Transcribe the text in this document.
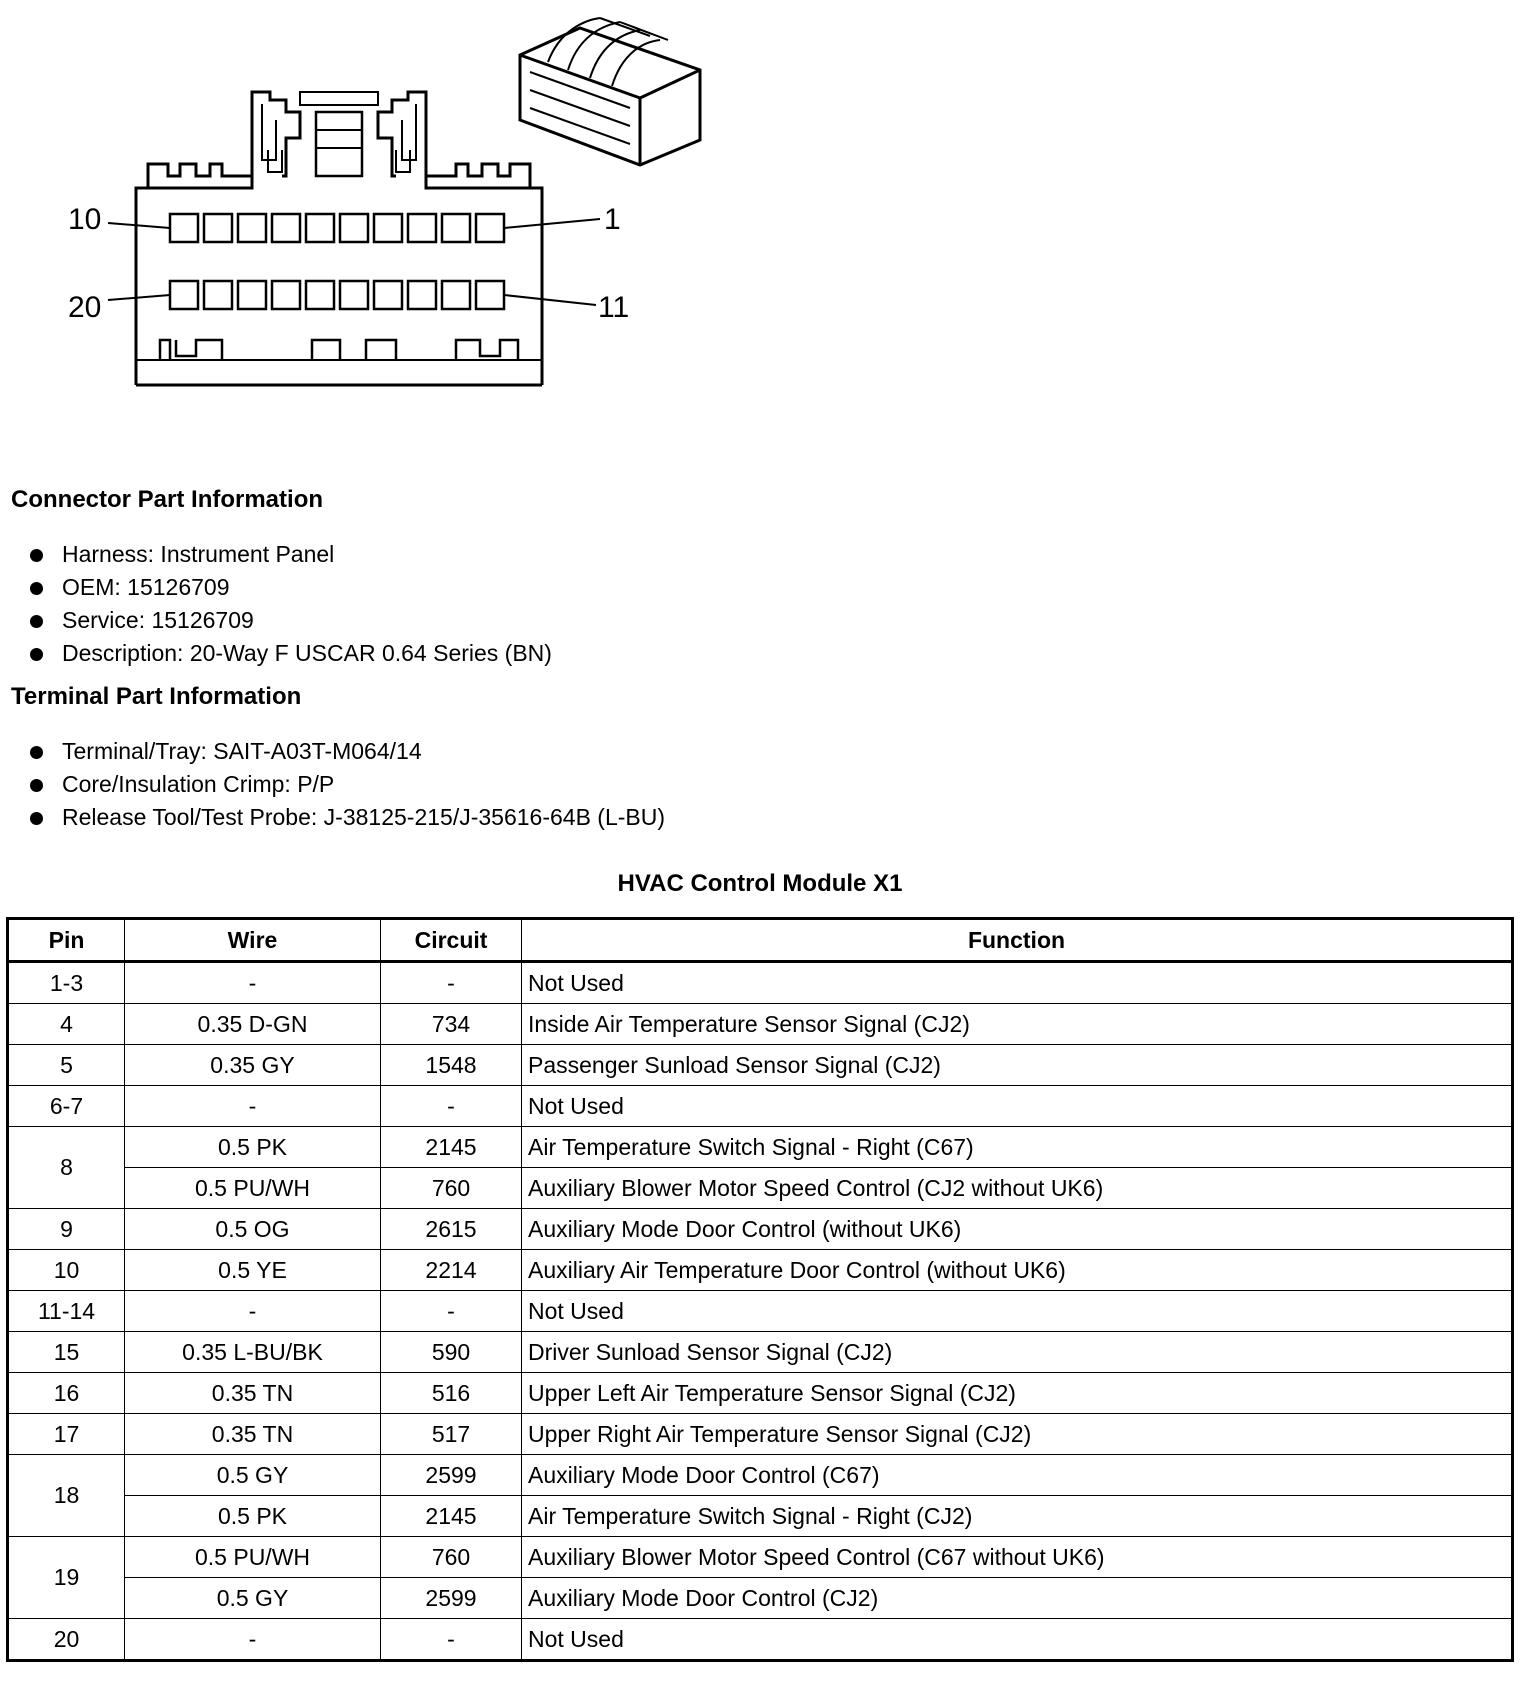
10	1
20	11
Connector Part Information
Harness: Instrument Panel
OEM: 15126709
Service: 15126709
Description: 20-Way F USCAR 0.64 Series (BN)
Terminal Part Information
Terminal/Tray: SAIT-A03T-M064/14
Core/Insulation Crimp: P/P
Release Tool/Test Probe: J-38125-215/J-35616-64B (L-BU)
HVAC Control Module X1
Pin	Wire	Circuit	Function
1-3	-	-	Not Used
4	0.35 D-GN	734	Inside Air Temperature Sensor Signal (CJ2)
5	0.35 GY	1548	Passenger Sunload Sensor Signal (CJ2)
6-7	-	-	Not Used
8	0.5 PK	2145	Air Temperature Switch Signal - Right (C67)
	0.5 PU/WH	760	Auxiliary Blower Motor Speed Control (CJ2 without UK6)
9	0.5 OG	2615	Auxiliary Mode Door Control (without UK6)
10	0.5 YE	2214	Auxiliary Air Temperature Door Control (without UK6)
11-14	-	-	Not Used
15	0.35 L-BU/BK	590	Driver Sunload Sensor Signal (CJ2)
16	0.35 TN	516	Upper Left Air Temperature Sensor Signal (CJ2)
17	0.35 TN	517	Upper Right Air Temperature Sensor Signal (CJ2)
18	0.5 GY	2599	Auxiliary Mode Door Control (C67)
	0.5 PK	2145	Air Temperature Switch Signal - Right (CJ2)
19	0.5 PU/WH	760	Auxiliary Blower Motor Speed Control (C67 without UK6)
	0.5 GY	2599	Auxiliary Mode Door Control (CJ2)
20	-	-	Not Used
